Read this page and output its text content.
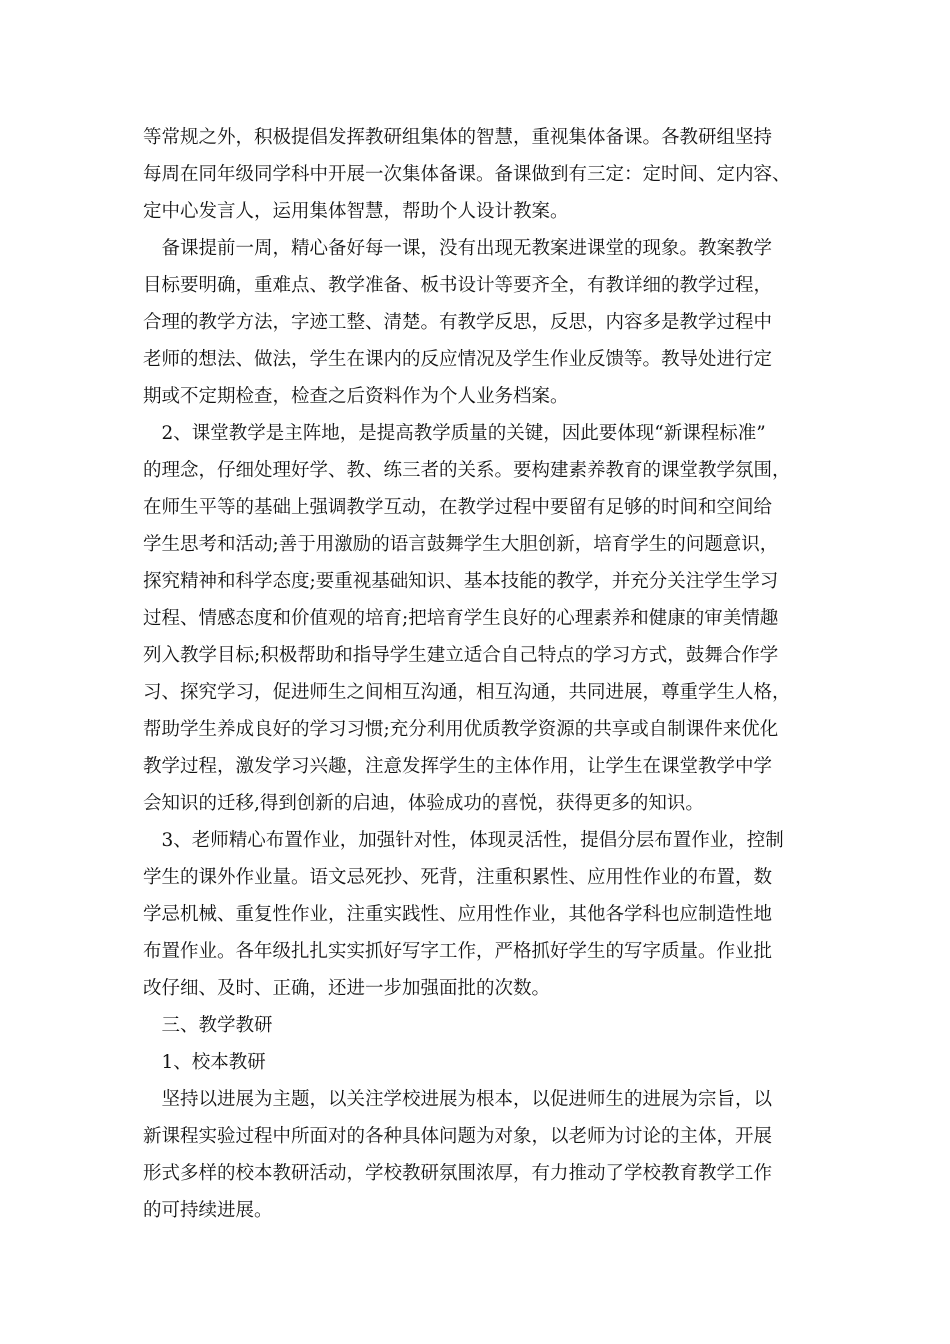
等常规之外，积极提倡发挥教研组集体的智慧，重视集体备课。各教研组坚持
每周在同年级同学科中开展一次集体备课。备课做到有三定：定时间、定内容、
定中心发言人，运用集体智慧，帮助个人设计教案。
　备课提前一周，精心备好每一课，没有出现无教案进课堂的现象。教案教学
目标要明确，重难点、教学准备、板书设计等要齐全，有教详细的教学过程，
合理的教学方法，字迹工整、清楚。有教学反思，反思，内容多是教学过程中
老师的想法、做法，学生在课内的反应情况及学生作业反馈等。教导处进行定
期或不定期检查，检查之后资料作为个人业务档案。
　2、课堂教学是主阵地，是提高教学质量的关键，因此要体现“新课程标准”
的理念，仔细处理好学、教、练三者的关系。要构建素养教育的课堂教学氛围，
在师生平等的基础上强调教学互动，在教学过程中要留有足够的时间和空间给
学生思考和活动;善于用激励的语言鼓舞学生大胆创新，培育学生的问题意识，
探究精神和科学态度;要重视基础知识、基本技能的教学，并充分关注学生学习
过程、情感态度和价值观的培育;把培育学生良好的心理素养和健康的审美情趣
列入教学目标;积极帮助和指导学生建立适合自己特点的学习方式，鼓舞合作学
习、探究学习，促进师生之间相互沟通，相互沟通，共同进展，尊重学生人格，
帮助学生养成良好的学习习惯;充分利用优质教学资源的共享或自制课件来优化
教学过程，激发学习兴趣，注意发挥学生的主体作用，让学生在课堂教学中学
会知识的迁移,得到创新的启迪，体验成功的喜悦，获得更多的知识。
　3、老师精心布置作业，加强针对性，体现灵活性，提倡分层布置作业，控制
学生的课外作业量。语文忌死抄、死背，注重积累性、应用性作业的布置，数
学忌机械、重复性作业，注重实践性、应用性作业，其他各学科也应制造性地
布置作业。各年级扎扎实实抓好写字工作，严格抓好学生的写字质量。作业批
改仔细、及时、正确，还进一步加强面批的次数。
　三、教学教研
　1、校本教研
　坚持以进展为主题，以关注学校进展为根本，以促进师生的进展为宗旨，以
新课程实验过程中所面对的各种具体问题为对象，以老师为讨论的主体，开展
形式多样的校本教研活动，学校教研氛围浓厚，有力推动了学校教育教学工作
的可持续进展。
